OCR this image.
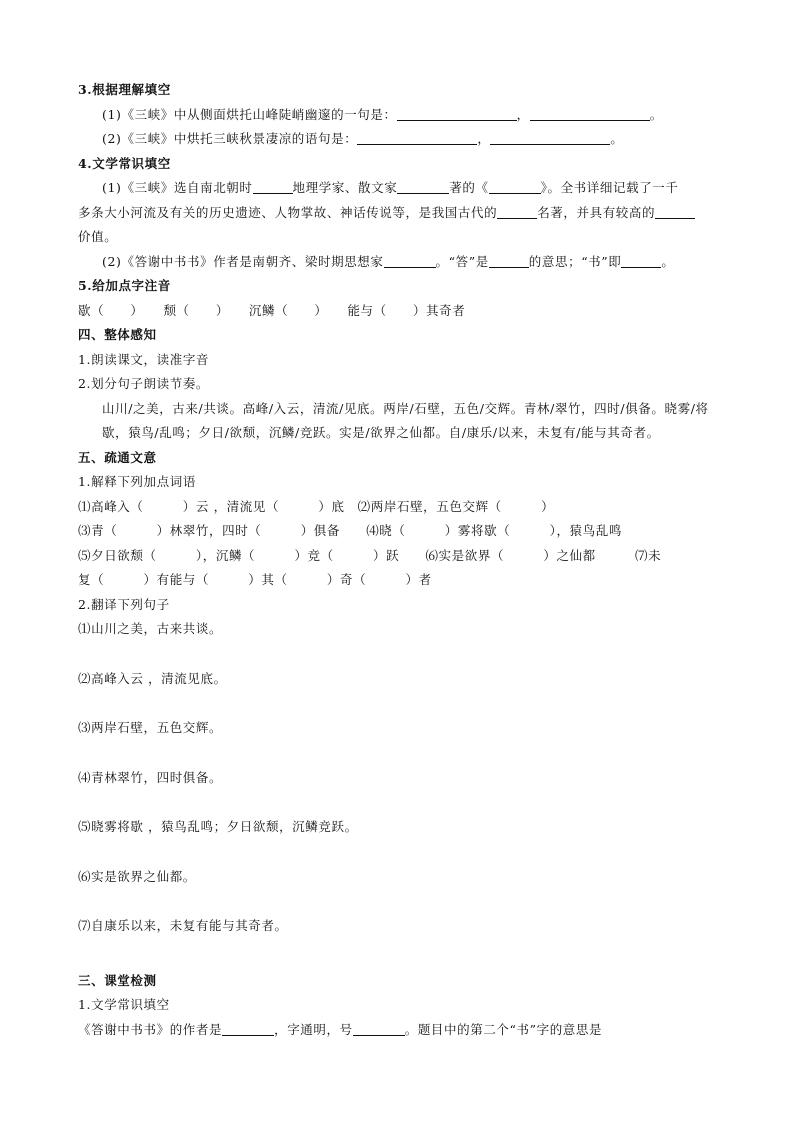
3.根据理解填空
(1)《三峡》中从侧面烘托山峰陡峭幽邃的一句是：	，	。
(2)《三峡》中烘托三峡秋景凄凉的语句是：	，	。
4.文学常识填空
(1)《三峡》选自南北朝时	地理学家、散文家	著的《	》。全书详细记载了一千
多条大小河流及有关的历史遗迹、人物掌故、神话传说等，是我国古代的	名著，并具有较高的
价值。
(2)《答谢中书书》作者是南朝齐、梁时期思想家	。“答”是	的意思；“书”即	。
5.给加点字注音
歇（　　）　　颓（　　）　　沉鳞（　　）　　能与（　　）其奇者
四、整体感知
1.朗读课文，读准字音
2.划分句子朗读节奏。
山川/之美，古来/共谈。高峰/入云，清流/见底。两岸/石壁，五色/交辉。青林/翠竹，四时/俱备。晓雾/将歇，猿鸟/乱鸣；夕日/欲颓，沉鳞/竞跃。实是/欲界之仙都。自/康乐/以来，未复有/能与其奇者。
五、疏通文意
1.解释下列加点词语
⑴高峰入（　　　）云 ，清流见（　　　）底　⑵两岸石壁，五色交辉（　　　）
⑶青（　　　）林翠竹，四时（　　　）俱备　　⑷晓（　　　）雾将歇（　　　），猿鸟乱鸣
⑸夕日欲颓（　　　），沉鳞（　　　）竞（　　　）跃　　⑹实是欲界（　　　）之仙都　　　⑺未
复（　　　）有能与（　　　）其（　　　）奇（　　　）者
2.翻译下列句子
⑴山川之美，古来共谈。
⑵高峰入云 ，清流见底。
⑶两岸石壁，五色交辉。
⑷青林翠竹，四时俱备。
⑸晓雾将歇 ，猿鸟乱鸣；夕日欲颓，沉鳞竞跃。
⑹实是欲界之仙都。
⑺自康乐以来，未复有能与其奇者。
三、课堂检测
1.文学常识填空
《答谢中书书》的作者是	，字通明，号	。题目中的第二个“书”字的意思是
